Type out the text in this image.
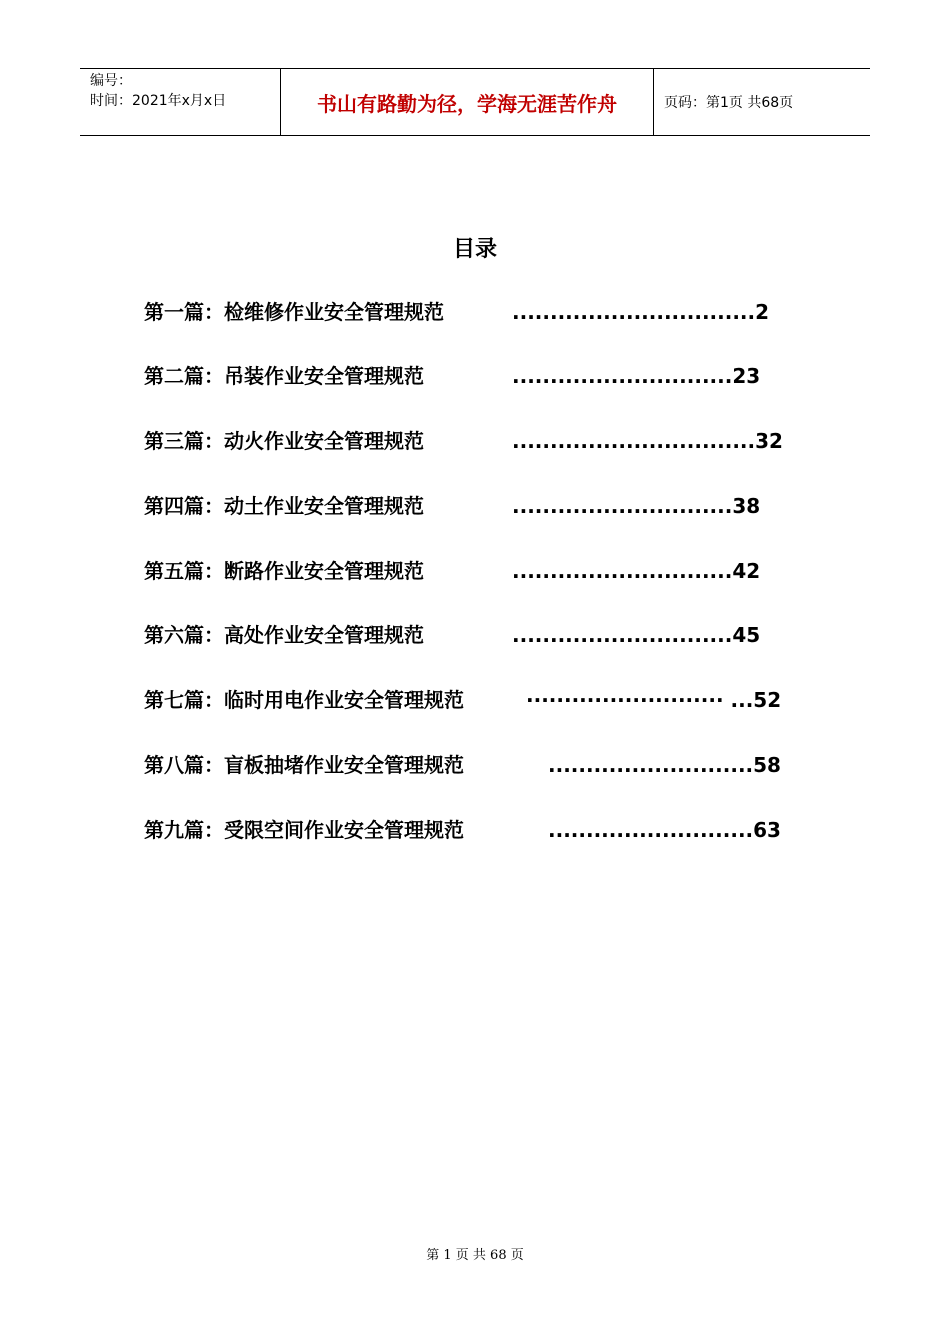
编号：
时间：2021年x月x日	书山有路勤为径，学海无涯苦作舟	页码：第1页 共68页
目录
第一篇：检维修作业安全管理规范	................................2
第二篇：吊装作业安全管理规范	.............................23
第三篇：动火作业安全管理规范	................................32
第四篇：动土作业安全管理规范	.............................38
第五篇：断路作业安全管理规范	.............................42
第六篇：高处作业安全管理规范	.............................45
第七篇：临时用电作业安全管理规范	·························· ...52
第八篇：盲板抽堵作业安全管理规范	...........................58
第九篇：受限空间作业安全管理规范	...........................63
第 1 页 共 68 页
